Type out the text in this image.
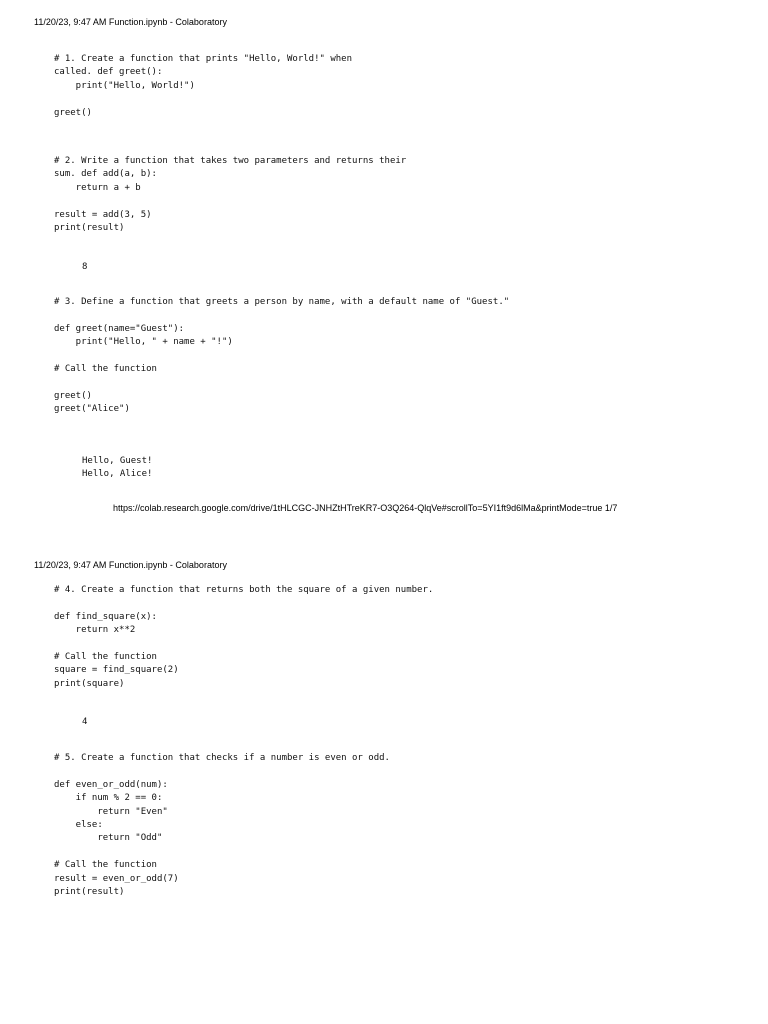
11/20/23, 9:47 AM Function.ipynb - Colaboratory
# 1. Create a function that prints "Hello, World!" when
called. def greet():
print("Hello, World!")

greet()
# 2. Write a function that takes two parameters and returns their
sum. def add(a, b):
return a + b

result = add(3, 5)
print(result)
8
# 3. Define a function that greets a person by name, with a default name of "Guest."

def greet(name="Guest"):
print("Hello, " + name + "!")

# Call the function

greet()
greet("Alice")
Hello, Guest!
Hello, Alice!
https://colab.research.google.com/drive/1tHLCGC-JNHZtHTreKR7-O3Q264-QlqVe#scrollTo=5YI1ft9d6lMa&printMode=true 1/7
11/20/23, 9:47 AM Function.ipynb - Colaboratory
# 4. Create a function that returns both the square of a given number.

def find_square(x):
return x**2

# Call the function
square = find_square(2)
print(square)
4
# 5. Create a function that checks if a number is even or odd.

def even_or_odd(num):
if num % 2 == 0:
return "Even"
else:
return "Odd"

# Call the function
result = even_or_odd(7)
print(result)
